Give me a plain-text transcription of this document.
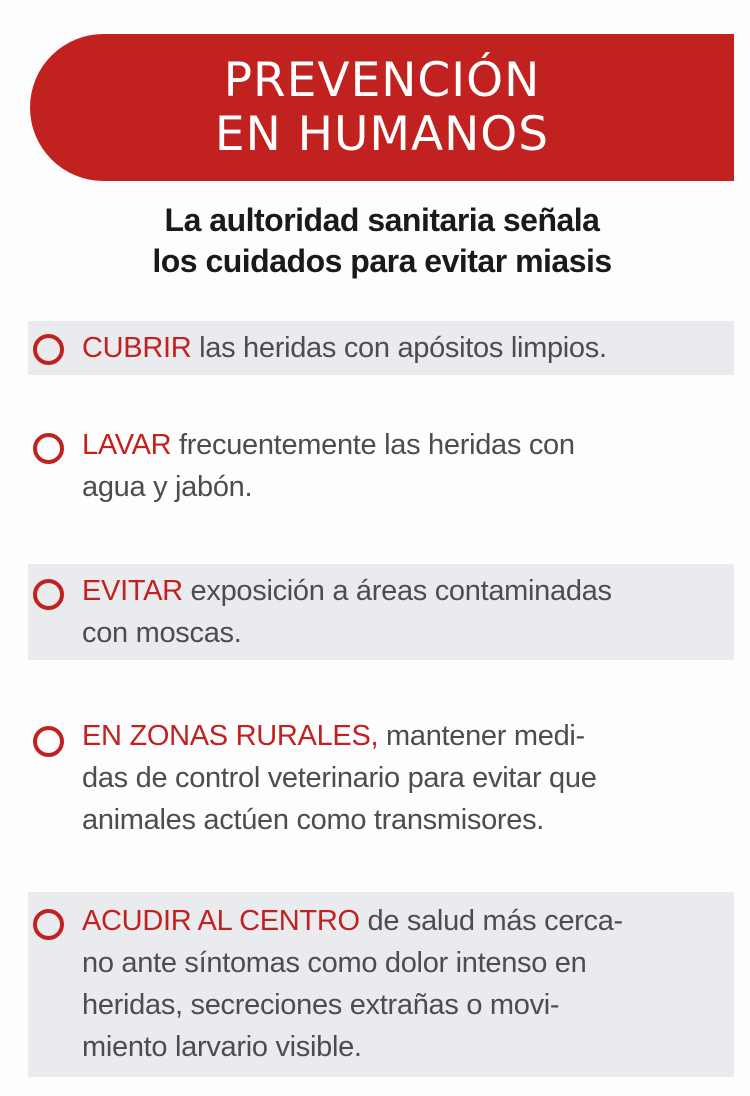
PREVENCIÓN
EN HUMANOS
La aultoridad sanitaria señala
los cuidados para evitar miasis
CUBRIR las heridas con apósitos limpios.
LAVAR frecuentemente las heridas con
agua y jabón.
EVITAR exposición a áreas contaminadas
con moscas.
EN ZONAS RURALES, mantener medi-
das de control veterinario para evitar que
animales actúen como transmisores.
ACUDIR AL CENTRO de salud más cerca-
no ante síntomas como dolor intenso en
heridas, secreciones extrañas o movi-
miento larvario visible.
